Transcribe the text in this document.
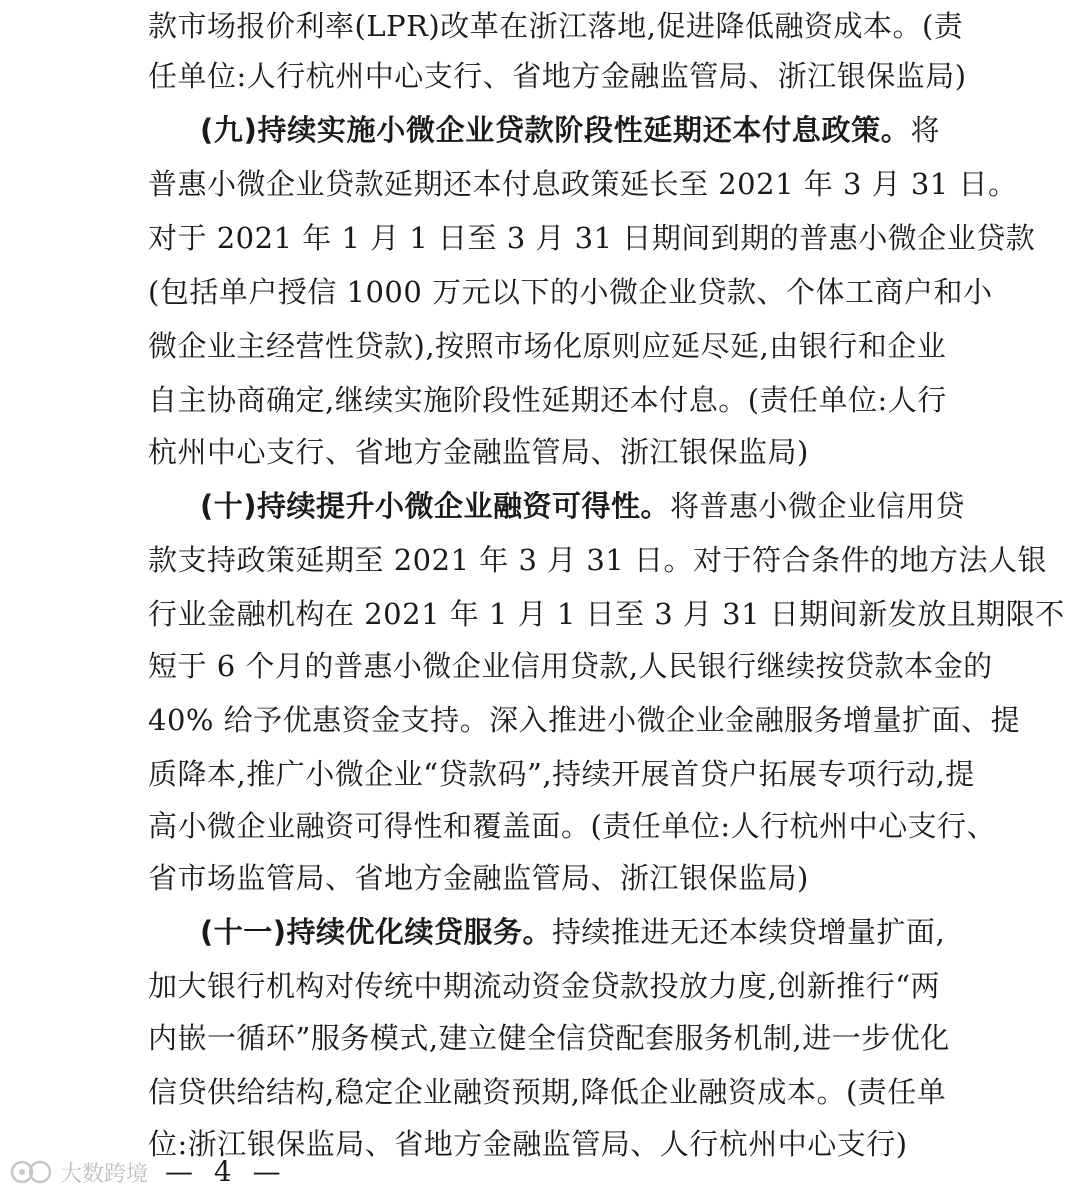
款市场报价利率(LPR)改革在浙江落地,促进降低融资成本。(责
任单位:人行杭州中心支行、省地方金融监管局、浙江银保监局)
(九)持续实施小微企业贷款阶段性延期还本付息政策。将
普惠小微企业贷款延期还本付息政策延长至 2021 年 3 月 31 日。
对于 2021 年 1 月 1 日至 3 月 31 日期间到期的普惠小微企业贷款
(包括单户授信 1000 万元以下的小微企业贷款、个体工商户和小
微企业主经营性贷款),按照市场化原则应延尽延,由银行和企业
自主协商确定,继续实施阶段性延期还本付息。(责任单位:人行
杭州中心支行、省地方金融监管局、浙江银保监局)
(十)持续提升小微企业融资可得性。将普惠小微企业信用贷
款支持政策延期至 2021 年 3 月 31 日。对于符合条件的地方法人银
行业金融机构在 2021 年 1 月 1 日至 3 月 31 日期间新发放且期限不
短于 6 个月的普惠小微企业信用贷款,人民银行继续按贷款本金的
40% 给予优惠资金支持。深入推进小微企业金融服务增量扩面、提
质降本,推广小微企业“贷款码”,持续开展首贷户拓展专项行动,提
高小微企业融资可得性和覆盖面。(责任单位:人行杭州中心支行、
省市场监管局、省地方金融监管局、浙江银保监局)
(十一)持续优化续贷服务。持续推进无还本续贷增量扩面,
加大银行机构对传统中期流动资金贷款投放力度,创新推行“两
内嵌一循环”服务模式,建立健全信贷配套服务机制,进一步优化
信贷供给结构,稳定企业融资预期,降低企业融资成本。(责任单
位:浙江银保监局、省地方金融监管局、人行杭州中心支行)
大数跨境 — 4 —
